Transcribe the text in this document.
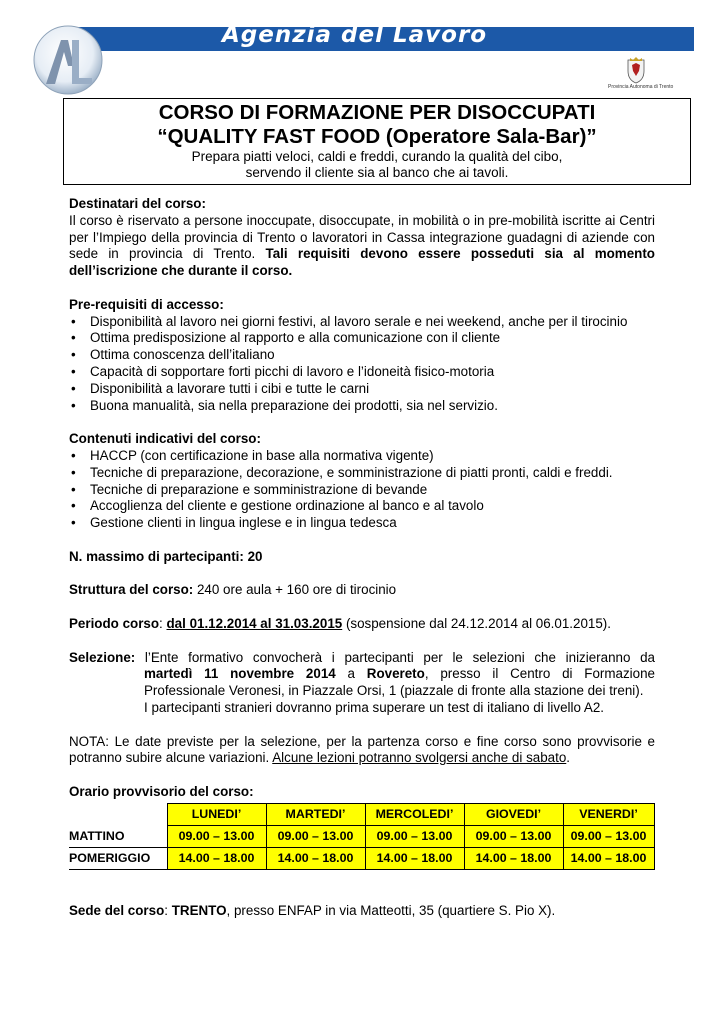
Agenzia del Lavoro
Provincia Autonoma di Trento
CORSO DI FORMAZIONE PER DISOCCUPATI
“QUALITY FAST FOOD (Operatore Sala-Bar)”
Prepara piatti veloci, caldi e freddi, curando la qualità del cibo,
servendo il cliente sia al banco che ai tavoli.
Destinatari del corso:
Il corso è riservato a persone inoccupate, disoccupate, in mobilità o in pre-mobilità iscritte ai Centri per l’Impiego della provincia di Trento o lavoratori in Cassa integrazione guadagni di aziende con sede in provincia di Trento. Tali requisiti devono essere posseduti sia al momento dell’iscrizione che durante il corso.
Pre-requisiti di accesso:
• Disponibilità al lavoro nei giorni festivi, al lavoro serale e nei weekend, anche per il tirocinio
• Ottima predisposizione al rapporto e alla comunicazione con il cliente
• Ottima conoscenza dell’italiano
• Capacità di sopportare forti picchi di lavoro e l’idoneità fisico-motoria
• Disponibilità a lavorare tutti i cibi e tutte le carni
• Buona manualità, sia nella preparazione dei prodotti, sia nel servizio.
Contenuti indicativi del corso:
• HACCP (con certificazione in base alla normativa vigente)
• Tecniche di preparazione, decorazione, e somministrazione di piatti pronti, caldi e freddi.
• Tecniche di preparazione e somministrazione di bevande
• Accoglienza del cliente e gestione ordinazione al banco e al tavolo
• Gestione clienti in lingua inglese e in lingua tedesca
N. massimo di partecipanti: 20
Struttura del corso: 240 ore aula + 160 ore di tirocinio
Periodo corso: dal 01.12.2014 al 31.03.2015 (sospensione dal 24.12.2014 al 06.01.2015).
Selezione: l’Ente formativo convocherà i partecipanti per le selezioni che inizieranno da
martedì 11 novembre 2014 a Rovereto, presso il Centro di Formazione Professionale Veronesi, in Piazzale Orsi, 1 (piazzale di fronte alla stazione dei treni).
I partecipanti stranieri dovranno prima superare un test di italiano di livello A2.
NOTA: Le date previste per la selezione, per la partenza corso e fine corso sono provvisorie e potranno subire alcune variazioni. Alcune lezioni potranno svolgersi anche di sabato.
Orario provvisorio del corso:
	LUNEDI’	MARTEDI’	MERCOLEDI’	GIOVEDI’	VENERDI’
MATTINO	09.00 – 13.00	09.00 – 13.00	09.00 – 13.00	09.00 – 13.00	09.00 – 13.00
POMERIGGIO	14.00 – 18.00	14.00 – 18.00	14.00 – 18.00	14.00 – 18.00	14.00 – 18.00
Sede del corso: TRENTO, presso ENFAP in via Matteotti, 35 (quartiere S. Pio X).
